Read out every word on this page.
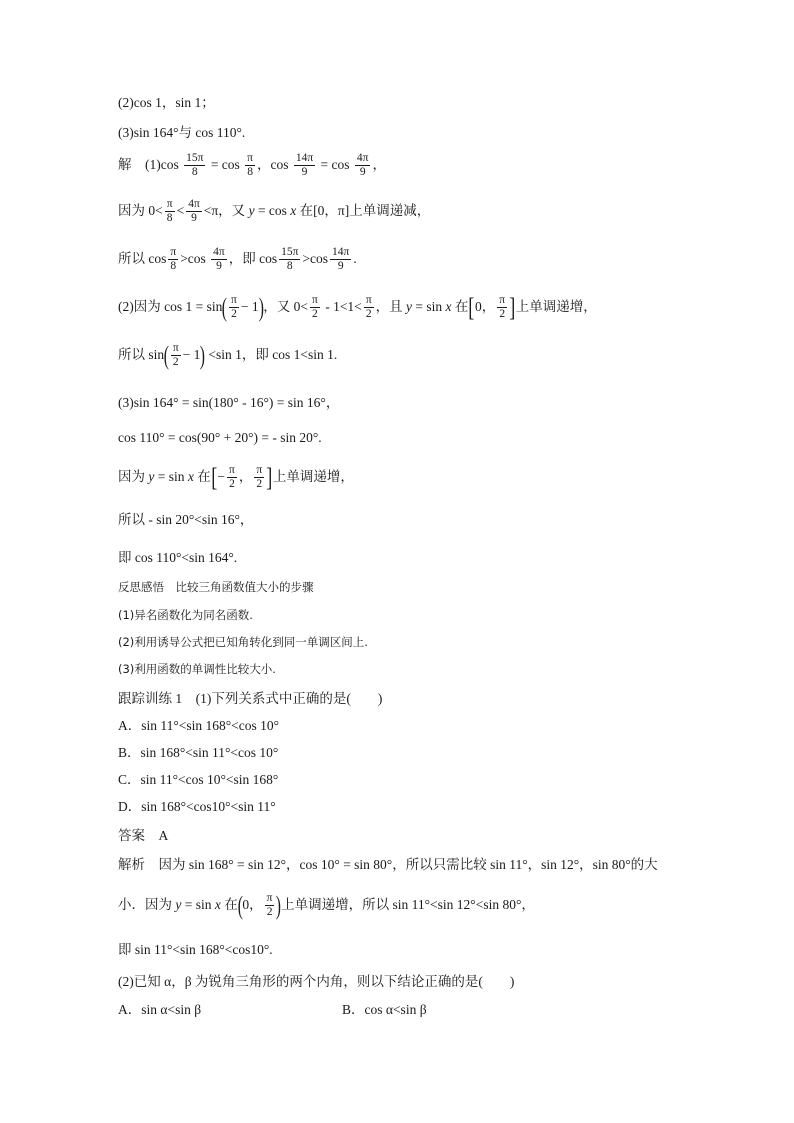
(2)cos 1，sin 1；
(3)sin 164°与 cos 110°.
解　$(1)\cos \frac{15\pi}{8} = \cos \frac{\pi}{8}$ ，$\cos \frac{14\pi}{9} = \cos \frac{4\pi}{9}$ ，
因为 $0< \frac{\pi}{8} < \frac{4\pi}{9} <\pi$，又 y = cos x 在[0，π]上单调递减，
所以 $\cos \frac{\pi}{8} >\cos \frac{4\pi}{9}$ ，即 $\cos \frac{15\pi}{8} >\cos \frac{14\pi}{9}$ .
(2)因为 $\cos 1 = \sin( \frac{\pi}{2} - 1)$，又 $0< \frac{\pi}{2} - 1<1< \frac{\pi}{2}$ ，且 y = sin x 在[0， $\frac{\pi}{2}$ ]上单调递增，
所以 $\sin( \frac{\pi}{2} - 1) <\sin$ 1，即 cos 1<sin 1.
(3)sin 164° = sin(180° - 16°) = sin 16°，
cos 110° = cos(90° + 20°) = - sin 20°.
因为 y = sin x 在[− $\frac{\pi}{2}$ ， $\frac{\pi}{2}$ ]上单调递增，
所以 - sin 20°<sin 16°，
即 cos 110°<sin 164°.
反思感悟　比较三角函数值大小的步骤
(1)异名函数化为同名函数.
(2)利用诱导公式把已知角转化到同一单调区间上.
(3)利用函数的单调性比较大小.
跟踪训练 1　(1)下列关系式中正确的是(　　)
A．sin 11°<sin 168°<cos 10°
B．sin 168°<sin 11°<cos 10°
C．sin 11°<cos 10°<sin 168°
D．sin 168°<cos10°<sin 11°
答案　A
解析　因为 sin 168° = sin 12°，cos 10° = sin 80°，所以只需比较 sin 11°，sin 12°，sin 80°的大
小．因为 y = sin x 在(0， $\frac{\pi}{2}$ )上单调递增，所以 sin 11°<sin 12°<sin 80°，
即 sin 11°<sin 168°<cos10°.
(2)已知 α，β 为锐角三角形的两个内角，则以下结论正确的是(　　)
A．sin α<sin β	B．cos α<sin β
